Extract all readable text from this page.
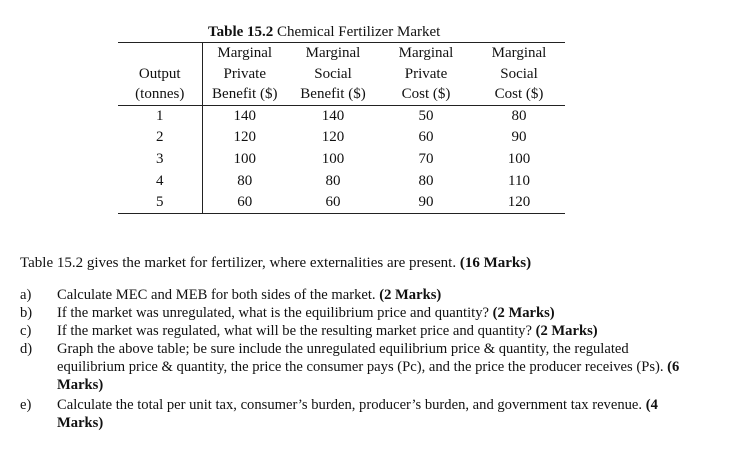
Table 15.2 Chemical Fertilizer Market
	Marginal	Marginal	Marginal	Marginal
Output	Private	Social	Private	Social
(tonnes)	Benefit ($)	Benefit ($)	Cost ($)	Cost ($)
1	140	140	50	80
2	120	120	60	90
3	100	100	70	100
4	80	80	80	110
5	60	60	90	120
Table 15.2 gives the market for fertilizer, where externalities are present. (16 Marks)
a)	Calculate MEC and MEB for both sides of the market. (2 Marks)
b)	If the market was unregulated, what is the equilibrium price and quantity? (2 Marks)
c)	If the market was regulated, what will be the resulting market price and quantity? (2 Marks)
d)	Graph the above table; be sure include the unregulated equilibrium price & quantity, the regulated equilibrium price & quantity, the price the consumer pays (Pc), and the price the producer receives (Ps). (6 Marks)
e)	Calculate the total per unit tax, consumer’s burden, producer’s burden, and government tax revenue. (4 Marks)
